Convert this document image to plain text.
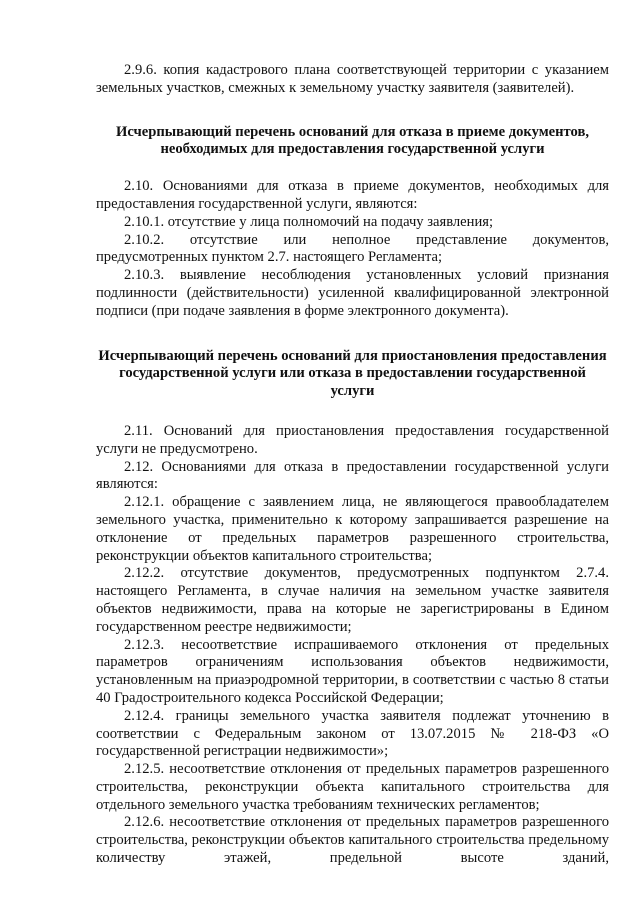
2.9.6. копия кадастрового плана соответствующей территории с указанием земельных участков, смежных к земельному участку заявителя (заявителей).

Исчерпывающий перечень оснований для отказа в приеме документов, необходимых для предоставления государственной услуги

2.10. Основаниями для отказа в приеме документов, необходимых для предоставления государственной услуги, являются:

2.10.1. отсутствие у лица полномочий на подачу заявления;

2.10.2. отсутствие или неполное представление документов, предусмотренных пунктом 2.7. настоящего Регламента;

2.10.3. выявление несоблюдения установленных условий признания подлинности (действительности) усиленной квалифицированной электронной подписи (при подаче заявления в форме электронного документа).

Исчерпывающий перечень оснований для приостановления предоставления государственной услуги или отказа в предоставлении государственной услуги

2.11. Оснований для приостановления предоставления государственной услуги не предусмотрено.

2.12. Основаниями для отказа в предоставлении государственной услуги являются:

2.12.1. обращение с заявлением лица, не являющегося правообладателем земельного участка, применительно к которому запрашивается разрешение на отклонение от предельных параметров разрешенного строительства, реконструкции объектов капитального строительства;

2.12.2. отсутствие документов, предусмотренных подпунктом 2.7.4. настоящего Регламента, в случае наличия на земельном участке заявителя объектов недвижимости, права на которые не зарегистрированы в Едином государственном реестре недвижимости;

2.12.3. несоответствие испрашиваемого отклонения от предельных параметров ограничениям использования объектов недвижимости, установленным на приаэродромной территории, в соответствии с частью 8 статьи 40 Градостроительного кодекса Российской Федерации;

2.12.4. границы земельного участка заявителя подлежат уточнению в соответствии с Федеральным законом от 13.07.2015 № 218-ФЗ «О государственной регистрации недвижимости»;

2.12.5. несоответствие отклонения от предельных параметров разрешенного строительства, реконструкции объекта капитального строительства для отдельного земельного участка требованиям технических регламентов;

2.12.6. несоответствие отклонения от предельных параметров разрешенного строительства, реконструкции объектов капитального строительства предельному количеству этажей, предельной высоте зданий,
